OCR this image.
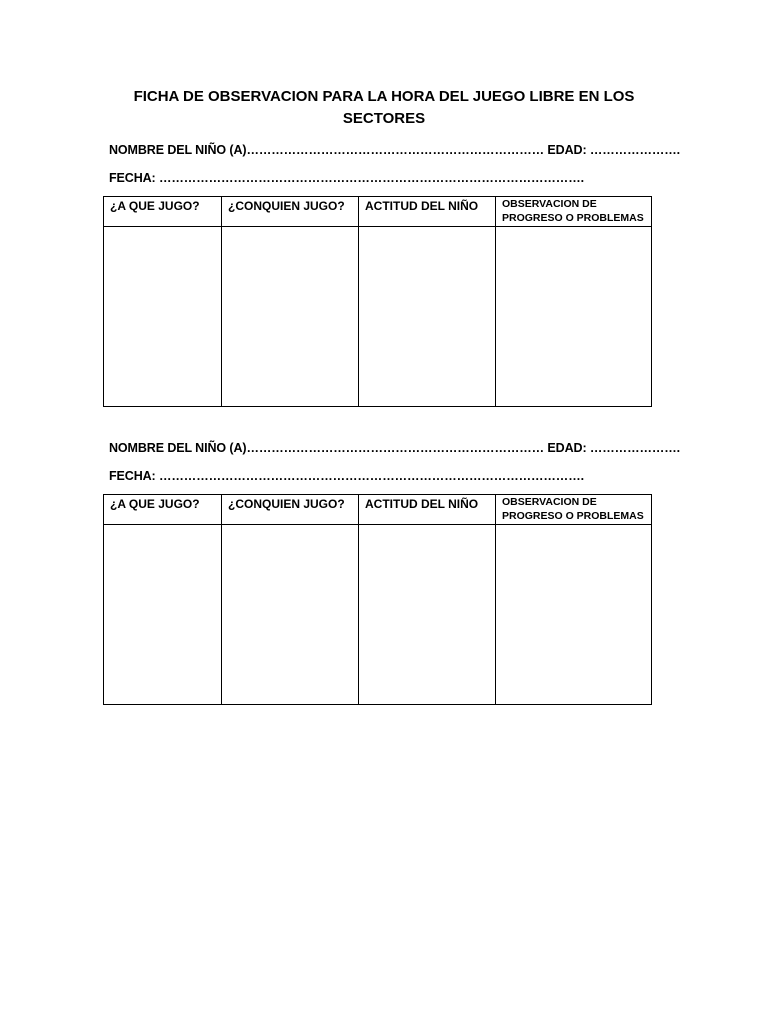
FICHA DE OBSERVACION PARA LA HORA DEL JUEGO LIBRE EN LOS
SECTORES
NOMBRE DEL NIÑO (A)……………………………………………………………… EDAD: ………………….
FECHA: ………………………………………………………………………………………….
¿A QUE JUGO?	¿CONQUIEN JUGO?	ACTITUD DEL NIÑO	OBSERVACION DE PROGRESO O PROBLEMAS

NOMBRE DEL NIÑO (A)……………………………………………………………… EDAD: ………………….
FECHA: ………………………………………………………………………………………….
¿A QUE JUGO?	¿CONQUIEN JUGO?	ACTITUD DEL NIÑO	OBSERVACION DE PROGRESO O PROBLEMAS
